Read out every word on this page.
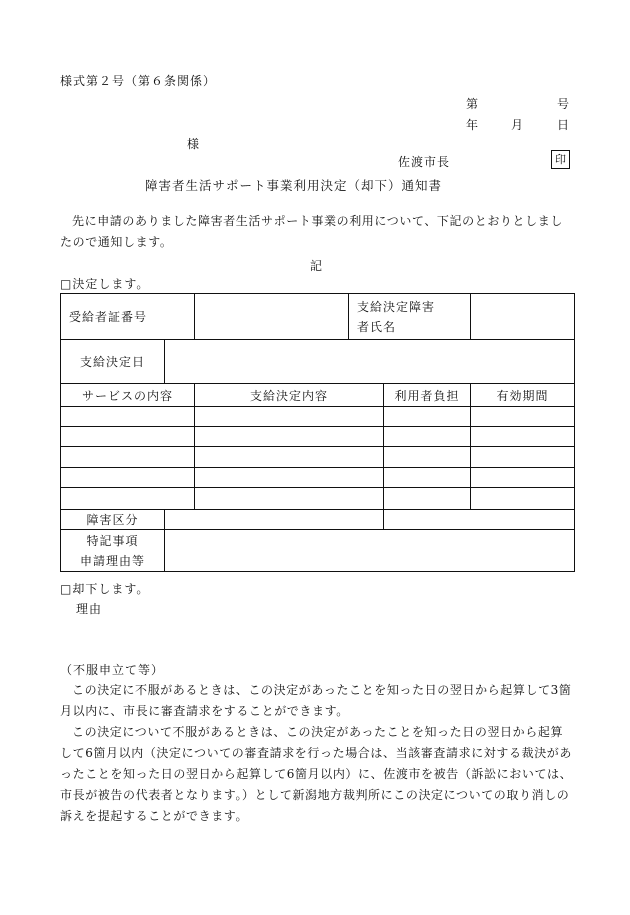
様式第２号（第６条関係）
第	号
年	月	日
様
佐渡市長	印
障害者生活サポート事業利用決定（却下）通知書
先に申請のありました障害者生活サポート事業の利用について、下記のとおりとしましたので通知します。
記
□決定します。
受給者証番号			支給決定障害
者氏名		

支給決定日					
サービスの内容		支給決定内容		利用者負担	有効期間

障害区分					

特記事項
申請理由等					

□却下します。
理由
（不服申立て等）
この決定に不服があるときは、この決定があったことを知った日の翌日から起算して3箇月以内に、市長に審査請求をすることができます。
この決定について不服があるときは、この決定があったことを知った日の翌日から起算して6箇月以内（決定についての審査請求を行った場合は、当該審査請求に対する裁決があったことを知った日の翌日から起算して6箇月以内）に、佐渡市を被告（訴訟においては、市長が被告の代表者となります。）として新潟地方裁判所にこの決定についての取り消しの訴えを提起することができます。
